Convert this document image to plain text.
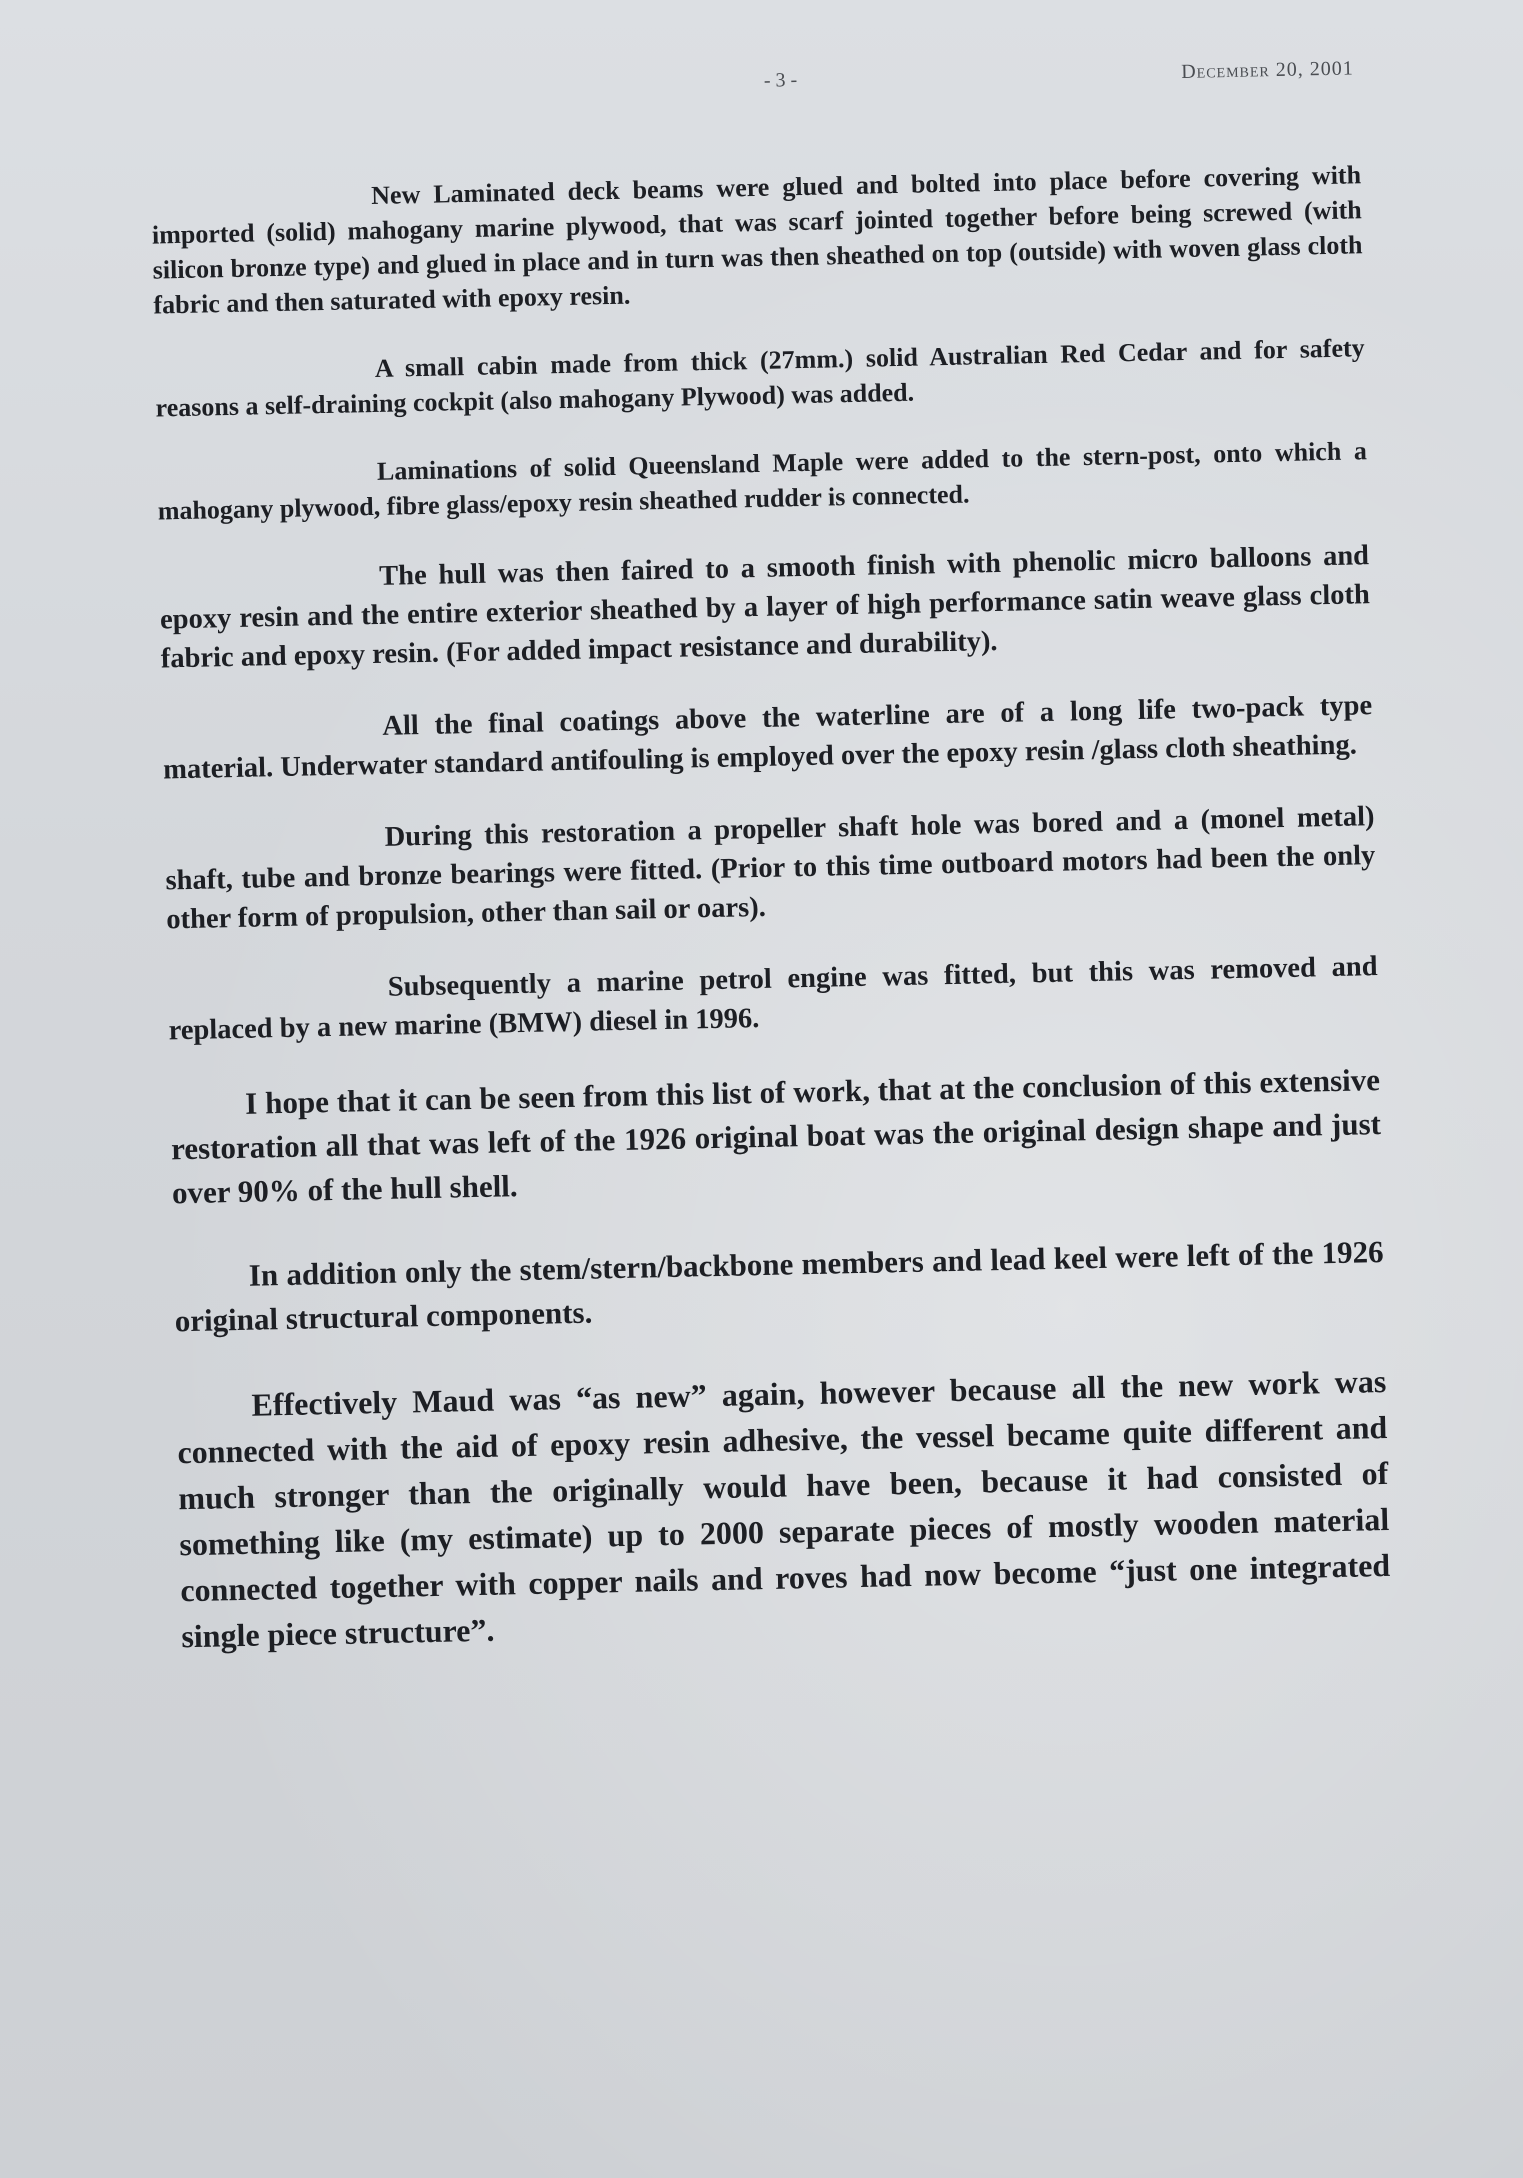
- 3 -	December 20, 2001

New Laminated deck beams were glued and bolted into place before covering with imported (solid) mahogany marine plywood, that was scarf jointed together before being screwed (with silicon bronze type) and glued in place and in turn was then sheathed on top (outside) with woven glass cloth fabric and then saturated with epoxy resin.

A small cabin made from thick (27mm.) solid Australian Red Cedar and for safety reasons a self-draining cockpit (also mahogany Plywood) was added.

Laminations of solid Queensland Maple were added to the stern-post, onto which a mahogany plywood, fibre glass/epoxy resin sheathed rudder is connected.

The hull was then faired to a smooth finish with phenolic micro balloons and epoxy resin and the entire exterior sheathed by a layer of high performance satin weave glass cloth fabric and epoxy resin. (For added impact resistance and durability).

All the final coatings above the waterline are of a long life two-pack type material. Underwater standard antifouling is employed over the epoxy resin /glass cloth sheathing.

During this restoration a propeller shaft hole was bored and a (monel metal) shaft, tube and bronze bearings were fitted. (Prior to this time outboard motors had been the only other form of propulsion, other than sail or oars).

Subsequently a marine petrol engine was fitted, but this was removed and replaced by a new marine (BMW) diesel in 1996.

I hope that it can be seen from this list of work, that at the conclusion of this extensive restoration all that was left of the 1926 original boat was the original design shape and just over 90% of the hull shell.

In addition only the stem/stern/backbone members and lead keel were left of the 1926 original structural components.

Effectively Maud was “as new” again, however because all the new work was connected with the aid of epoxy resin adhesive, the vessel became quite different and much stronger than the originally would have been, because it had consisted of something like (my estimate) up to 2000 separate pieces of mostly wooden material connected together with copper nails and roves had now become “just one integrated single piece structure”.
